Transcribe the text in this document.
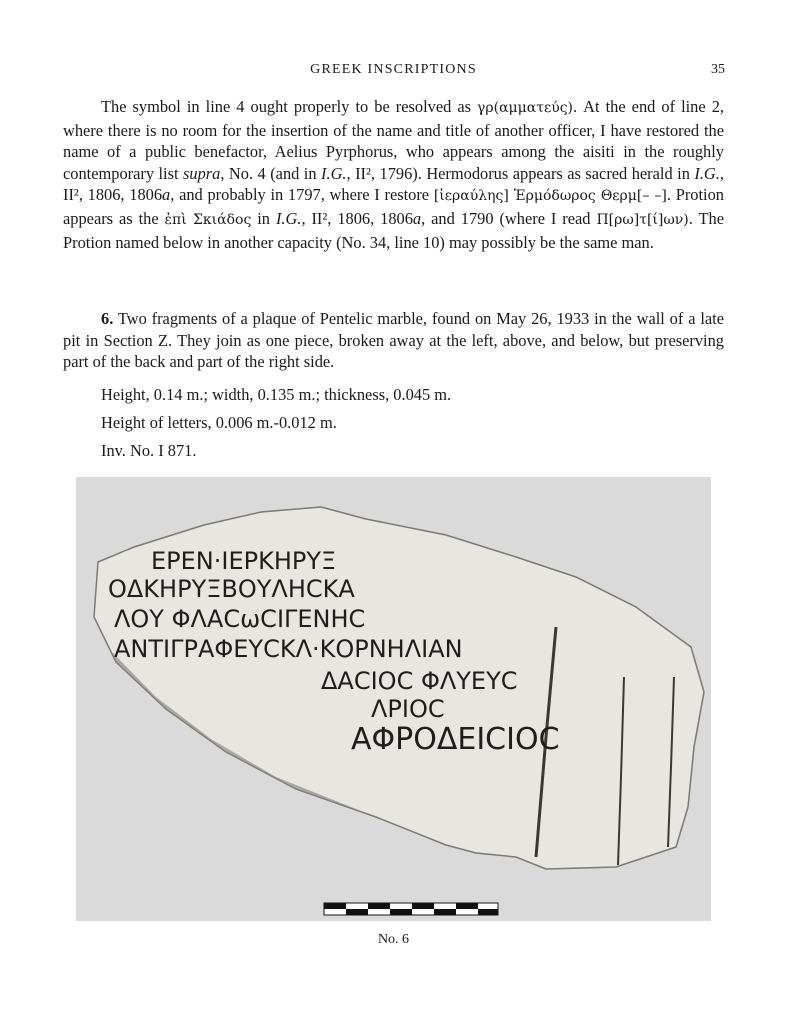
GREEK INSCRIPTIONS	35

The symbol in line 4 ought properly to be resolved as γρ(αμματεύς). At the end of line 2, where there is no room for the insertion of the name and title of another officer, I have restored the name of a public benefactor, Aelius Pyrphorus, who appears among the aisiti in the roughly contemporary list supra, No. 4 (and in I.G., II², 1796). Hermodorus appears as sacred herald in I.G., II², 1806, 1806a, and probably in 1797, where I restore [ἱεραύλης] Ἑρμόδωρος Θερμ[– –]. Protion appears as the ἐπὶ Σκιάδος in I.G., II², 1806, 1806a, and 1790 (where I read Π[ρω]τ[ί]ων). The Protion named below in another capacity (No. 34, line 10) may possibly be the same man.

6. Two fragments of a plaque of Pentelic marble, found on May 26, 1933 in the wall of a late pit in Section Z. They join as one piece, broken away at the left, above, and below, but preserving part of the back and part of the right side.

Height, 0.14 m.; width, 0.135 m.; thickness, 0.045 m.

Height of letters, 0.006 m.-0.012 m.

Inv. No. I 871.

ΕΡΕΝ·ΙΕΡΚΗΡΥΞ
ΟΔΚΗΡΥΞΒΟΥΛΗCΚΑ
ΛΟΥ ΦΛΑCωCΙΓΕΝΗC
ΑΝΤΙΓΡΑΦΕΥCΚΛ·ΚΟΡΝΗΛΙΑΝ
ΔΑCΙΟC ΦΛΥΕΥC
ΛΡΙΟC
ΑΦΡΟΔΕΙCΙΟC
No. 6
